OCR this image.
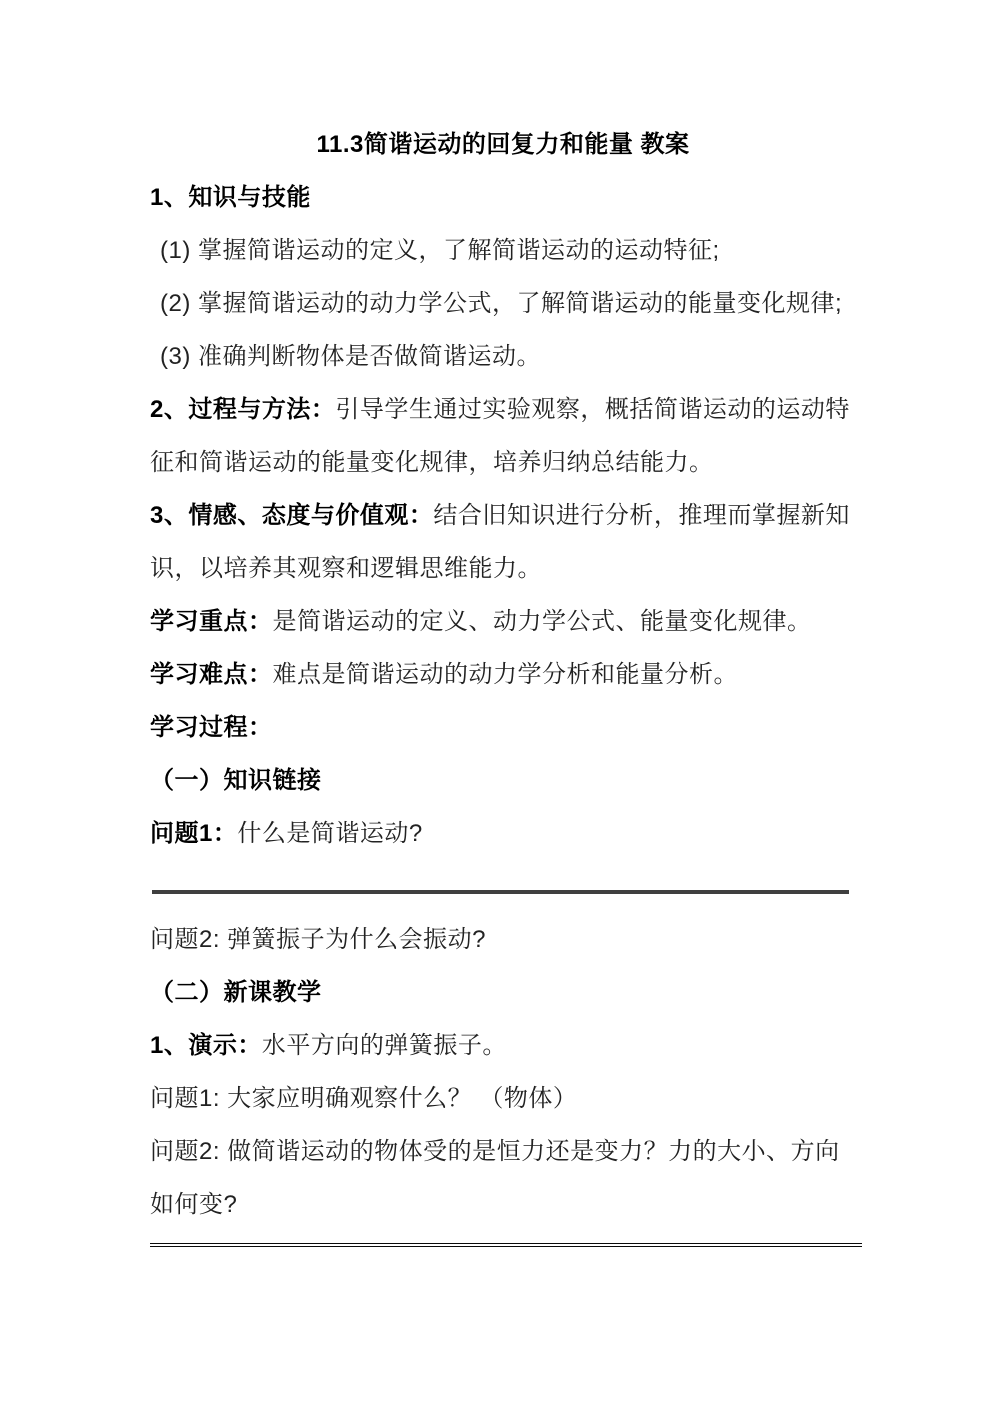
11.3简谐运动的回复力和能量 教案

1、知识与技能

(1) 掌握简谐运动的定义，了解简谐运动的运动特征;

(2) 掌握简谐运动的动力学公式，了解简谐运动的能量变化规律;

(3) 准确判断物体是否做简谐运动。

2、过程与方法：引导学生通过实验观察，概括简谐运动的运动特征和简谐运动的能量变化规律，培养归纳总结能力。

3、情感、态度与价值观：结合旧知识进行分析，推理而掌握新知识，以培养其观察和逻辑思维能力。

学习重点：是简谐运动的定义、动力学公式、能量变化规律。

学习难点：难点是简谐运动的动力学分析和能量分析。

学习过程：

（一）知识链接

问题1：什么是简谐运动?

问题2: 弹簧振子为什么会振动?

（二）新课教学

1、演示：水平方向的弹簧振子。

问题1: 大家应明确观察什么？ （物体）

问题2: 做简谐运动的物体受的是恒力还是变力？力的大小、方向如何变?
